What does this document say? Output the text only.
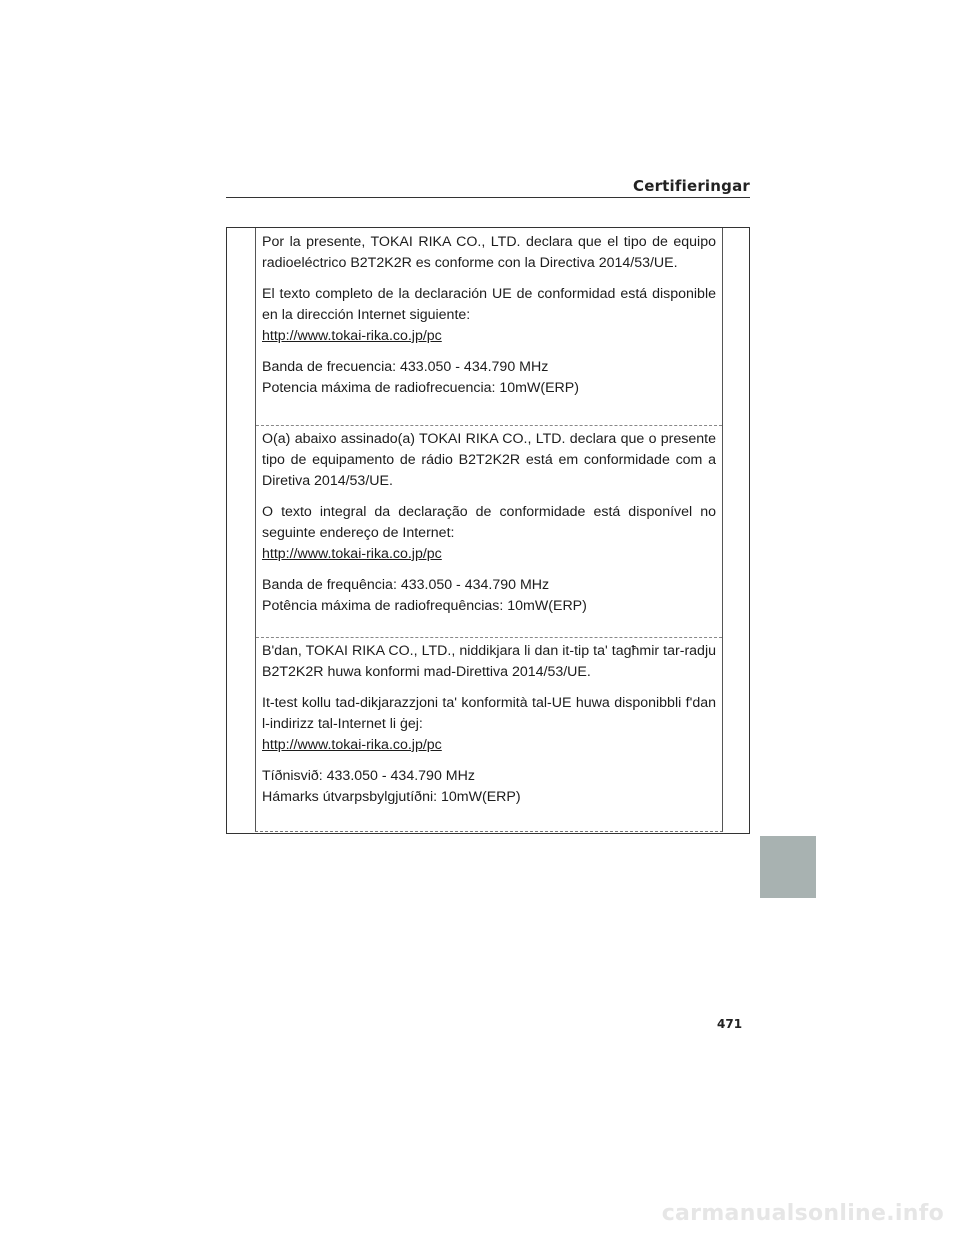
Certifieringar

Por la presente, TOKAI RIKA CO., LTD. declara que el tipo de equipo radioeléctrico B2T2K2R es conforme con la Directiva 2014/53/UE.

El texto completo de la declaración UE de conformidad está disponible en la dirección Internet siguiente:

http://www.tokai-rika.co.jp/pc

Banda de frecuencia: 433.050 - 434.790 MHz

Potencia máxima de radiofrecuencia: 10mW(ERP)

O(a) abaixo assinado(a) TOKAI RIKA CO., LTD. declara que o presente tipo de equipamento de rádio B2T2K2R está em conformidade com a Diretiva 2014/53/UE.

O texto integral da declaração de conformidade está disponível no seguinte endereço de Internet:

http://www.tokai-rika.co.jp/pc

Banda de frequência: 433.050 - 434.790 MHz

Potência máxima de radiofrequências: 10mW(ERP)

B'dan, TOKAI RIKA CO., LTD., niddikjara li dan it-tip ta' tagħmir tar-radju B2T2K2R huwa konformi mad-Direttiva 2014/53/UE.

It-test kollu tad-dikjarazzjoni ta' konformità tal-UE huwa disponibbli f'dan l-indirizz tal-Internet li ġej:

http://www.tokai-rika.co.jp/pc

Tíðnisvið: 433.050 - 434.790 MHz

Hámarks útvarpsbylgjutíðni: 10mW(ERP)

471
carmanualsonline.info
